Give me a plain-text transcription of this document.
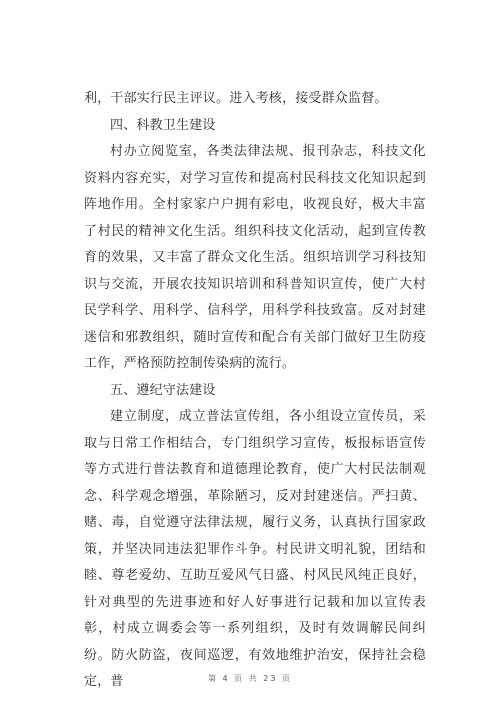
利，干部实行民主评议。进入考核，接受群众监督。

四、科教卫生建设

村办立阅览室，各类法律法规、报刊杂志，科技文化资料内容充实，对学习宣传和提高村民科技文化知识起到阵地作用。全村家家户户拥有彩电，收视良好，极大丰富了村民的精神文化生活。组织科技文化活动，起到宣传教育的效果，又丰富了群众文化生活。组织培训学习科技知识与交流，开展农技知识培训和科普知识宣传，使广大村民学科学、用科学、信科学，用科学科技致富。反对封建迷信和邪教组织，随时宣传和配合有关部门做好卫生防疫工作，严格预防控制传染病的流行。

五、遵纪守法建设

建立制度，成立普法宣传组，各小组设立宣传员，采取与日常工作相结合，专门组织学习宣传，板报标语宣传等方式进行普法教育和道德理论教育，使广大村民法制观念、科学观念增强，革除陋习，反对封建迷信。严扫黄、赌、毒，自觉遵守法律法规，履行义务，认真执行国家政策，并坚决同违法犯罪作斗争。村民讲文明礼貌，团结和睦、尊老爱幼、互助互爱风气日盛、村风民风纯正良好，针对典型的先进事迹和好人好事进行记载和加以宣传表彰，村成立调委会等一系列组织，及时有效调解民间纠纷。防火防盗，夜间巡逻，有效地维护治安，保持社会稳定，普	第 4 页 共 23 页
